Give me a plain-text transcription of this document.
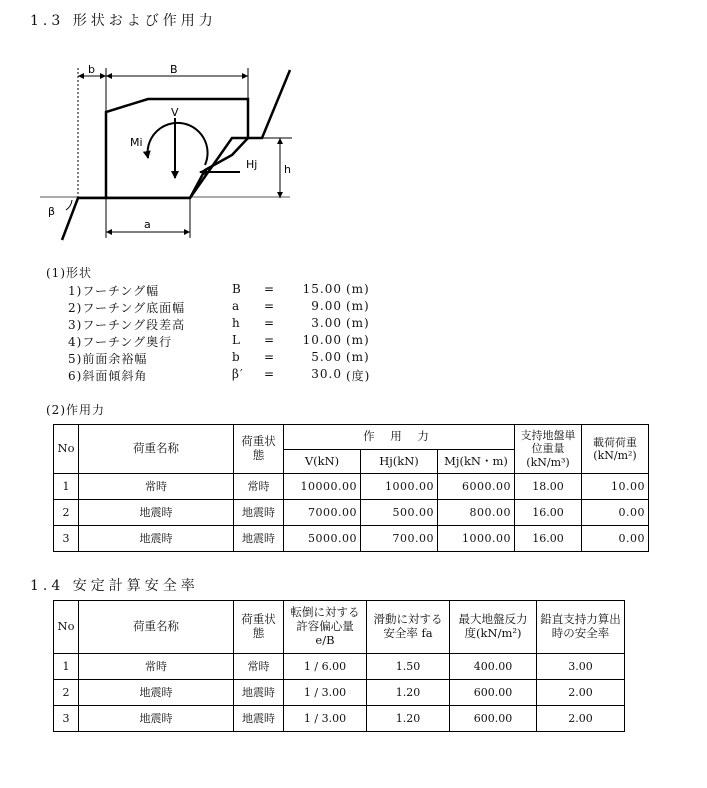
1.3 形状および作用力
b	B
V
Mi
Hj h
β
a
(1)形状
1)フーチング幅	B =	15.00 (m)
2)フーチング底面幅	a =	9.00 (m)
3)フーチング段差高	h =	3.00 (m)
4)フーチング奥行	L =	10.00 (m)
5)前面余裕幅	b =	5.00 (m)
6)斜面傾斜角	β′ =	30.0 (度)
(2)作用力
No	荷重名称	荷重状態	作 用 力			支持地盤単位重量(kN/m³)	載荷荷重(kN/m²)
			V(kN)	Hj(kN)	Mj(kN・m)		
1	常時	常時	10000.00	1000.00	6000.00	18.00	10.00
2	地震時	地震時	7000.00	500.00	800.00	16.00	0.00
3	地震時	地震時	5000.00	700.00	1000.00	16.00	0.00
1.4 安定計算安全率
No	荷重名称	荷重状態	転倒に対する許容偏心量 e/B	滑動に対する安全率 fa	最大地盤反力度(kN/m²)	鉛直支持力算出時の安全率
1	常時	常時	1 / 6.00	1.50	400.00	3.00
2	地震時	地震時	1 / 3.00	1.20	600.00	2.00
3	地震時	地震時	1 / 3.00	1.20	600.00	2.00
